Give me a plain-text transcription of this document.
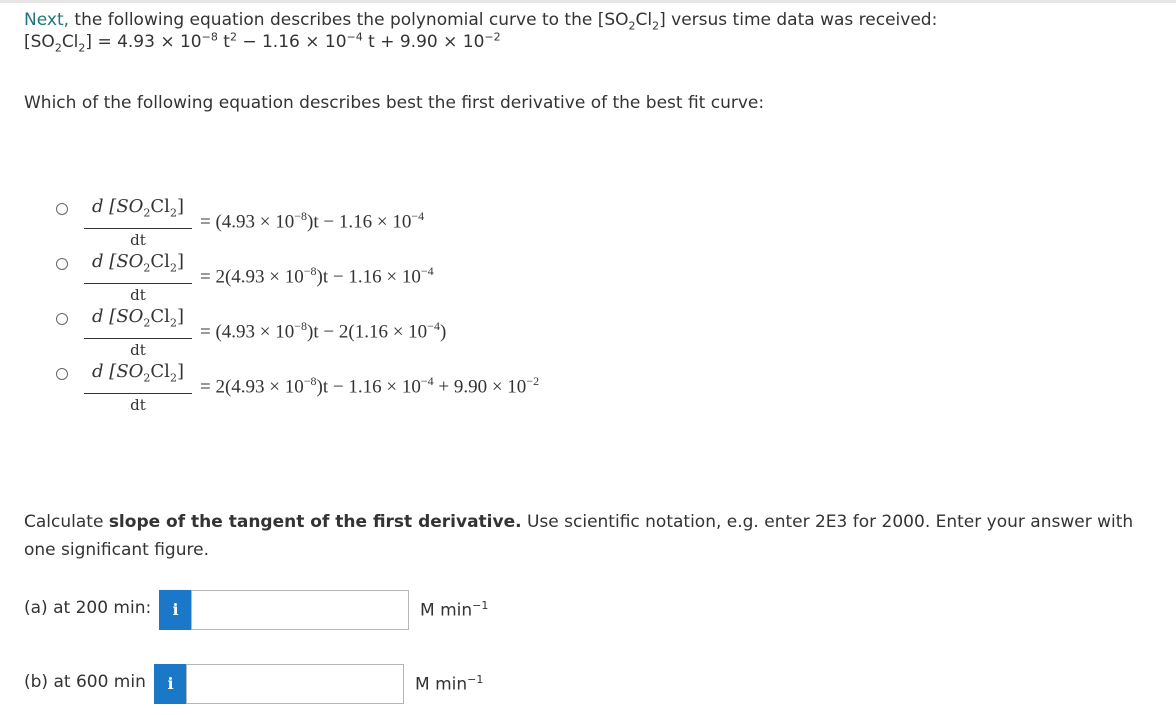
Next, the following equation describes the polynomial curve to the $[SO_2Cl_2]$ versus time data was received:
$[SO_2Cl_2] = 4.93 \times 10^{-8}$ $t^2 - 1.16 \times 10^{-4}$ $t + 9.90 \times 10^{-2}$
Which of the following equation describes best the first derivative of the best fit curve:
d $[SO_2Cl_2]$
dt
= $(4.93 \times 10^{-8})t - 1.16 \times 10^{-4}$
d $[SO_2Cl_2]$
dt
= $2(4.93 \times 10^{-8})t - 1.16 \times 10^{-4}$
d $[SO_2Cl_2]$
dt
= $(4.93 \times 10^{-8})t - 2(1.16 \times 10^{-4})$
d $[SO_2Cl_2]$
dt
= $2(4.93 \times 10^{-8})t - 1.16 \times 10^{-4} + 9.90 \times 10^{-2}$
Calculate slope of the tangent of the first derivative. Use scientific notation, e.g. enter 2E3 for 2000. Enter your answer with one significant figure.
(a) at 200 min:	i	M $\min^{-1}$
(b) at 600 min	i	M $\min^{-1}$
